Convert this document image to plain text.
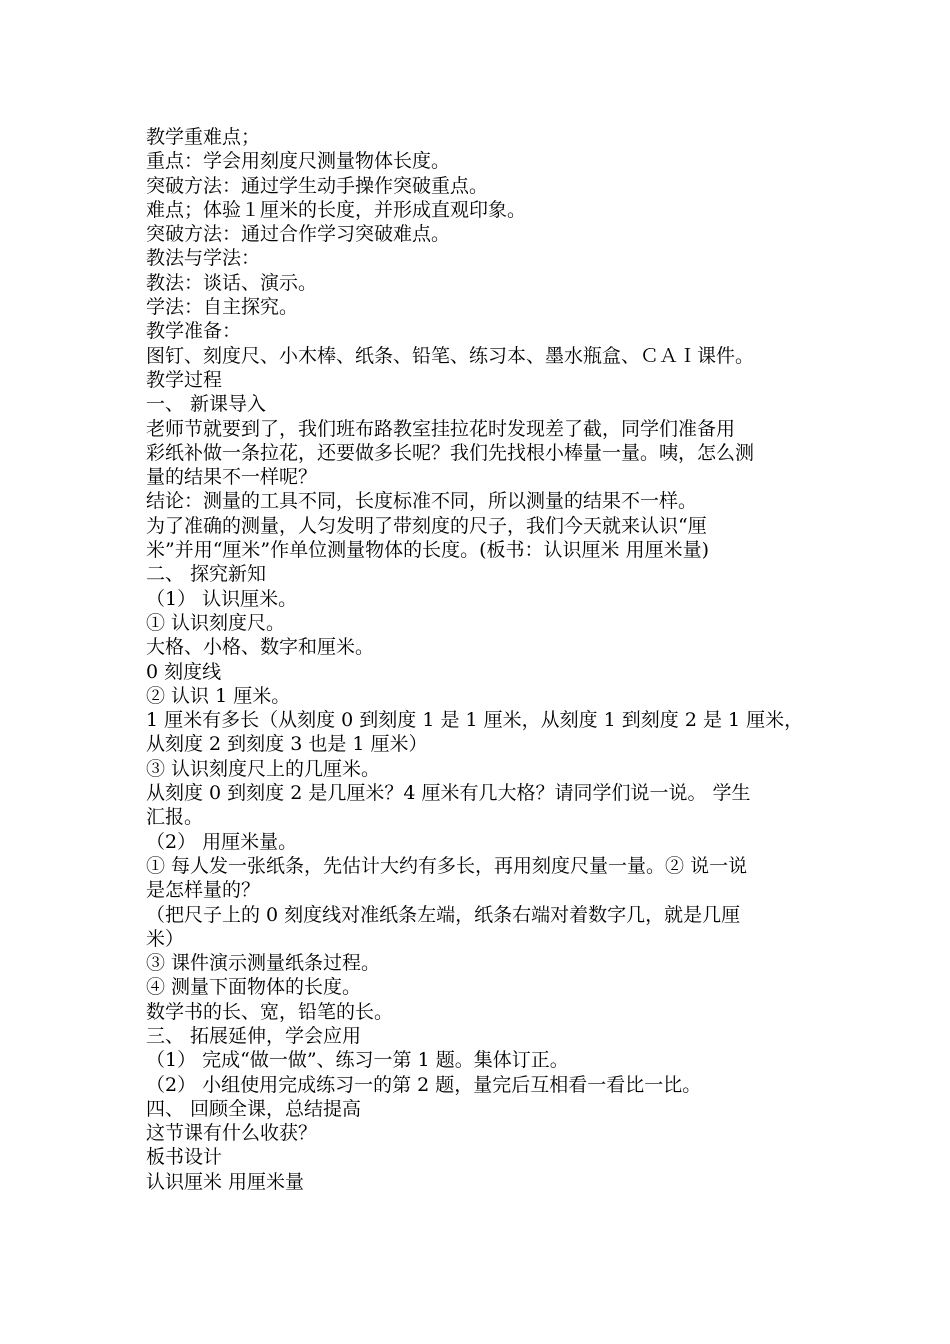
教学重难点；

重点：学会用刻度尺测量物体长度。

突破方法：通过学生动手操作突破重点。

难点；体验１厘米的长度，并形成直观印象。

突破方法：通过合作学习突破难点。

教法与学法：

教法：谈话、演示。

学法：自主探究。

教学准备：

图钉、刻度尺、小木棒、纸条、铅笔、练习本、墨水瓶盒、ＣＡＩ课件。

教学过程

一、 新课导入

老师节就要到了，我们班布路教室挂拉花时发现差了截，同学们准备用

彩纸补做一条拉花，还要做多长呢？我们先找根小棒量一量。咦，怎么测

量的结果不一样呢？

结论：测量的工具不同，长度标准不同，所以测量的结果不一样。

为了准确的测量，人匀发明了带刻度的尺子，我们今天就来认识“厘

米”并用“厘米”作单位测量物体的长度。(板书：认识厘米 用厘米量)

二、 探究新知

（1） 认识厘米。

① 认识刻度尺。

大格、小格、数字和厘米。

0 刻度线

② 认识 1 厘米。

1 厘米有多长（从刻度 0 到刻度 1 是 1 厘米，从刻度 1 到刻度 2 是 1 厘米，

从刻度 2 到刻度 3 也是 1 厘米）

③ 认识刻度尺上的几厘米。

从刻度 0 到刻度 2 是几厘米？4 厘米有几大格？请同学们说一说。 学生

汇报。

（2） 用厘米量。

① 每人发一张纸条，先估计大约有多长，再用刻度尺量一量。② 说一说

是怎样量的？

（把尺子上的 0 刻度线对准纸条左端，纸条右端对着数字几，就是几厘

米）

③ 课件演示测量纸条过程。

④ 测量下面物体的长度。

数学书的长、宽，铅笔的长。

三、 拓展延伸，学会应用

（1） 完成“做一做”、练习一第 1 题。集体订正。

（2） 小组使用完成练习一的第 2 题，量完后互相看一看比一比。

四、 回顾全课，总结提高

这节课有什么收获？

板书设计

认识厘米 用厘米量
